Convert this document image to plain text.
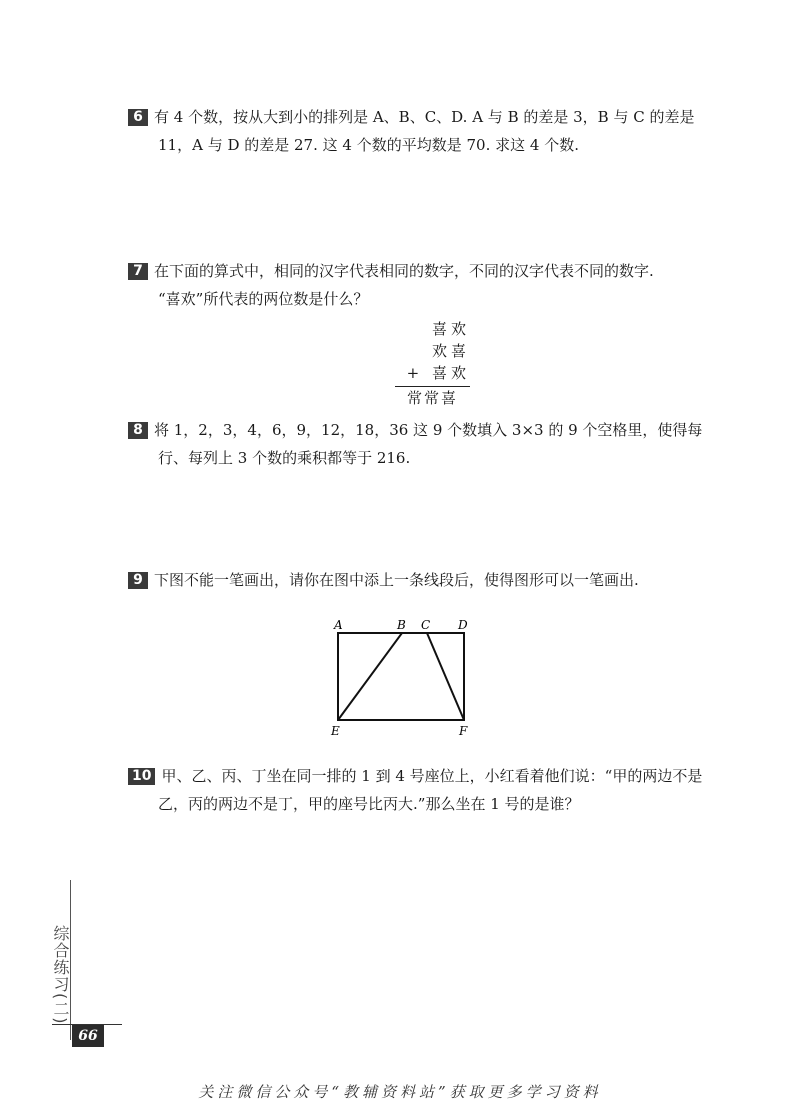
6 有 4 个数，按从大到小的排列是 A、B、C、D. A 与 B 的差是 3，B 与 C 的差是
11，A 与 D 的差是 27. 这 4 个数的平均数是 70. 求这 4 个数.
7 在下面的算式中，相同的汉字代表相同的数字，不同的汉字代表不同的数字.
“喜欢”所代表的两位数是什么？
喜欢
欢喜
+ 喜欢
常常喜
8 将 1，2，3，4，6，9，12，18，36 这 9 个数填入 3×3 的 9 个空格里，使得每
行、每列上 3 个数的乘积都等于 216.
9 下图不能一笔画出，请你在图中添上一条线段后，使得图形可以一笔画出.
A	B C D
E	F
10 甲、乙、丙、丁坐在同一排的 1 到 4 号座位上，小红看着他们说：“甲的两边不是
乙，丙的两边不是丁，甲的座号比丙大.”那么坐在 1 号的是谁？
综合练习(二)
66
关注微信公众号“教辅资料站”获取更多学习资料
